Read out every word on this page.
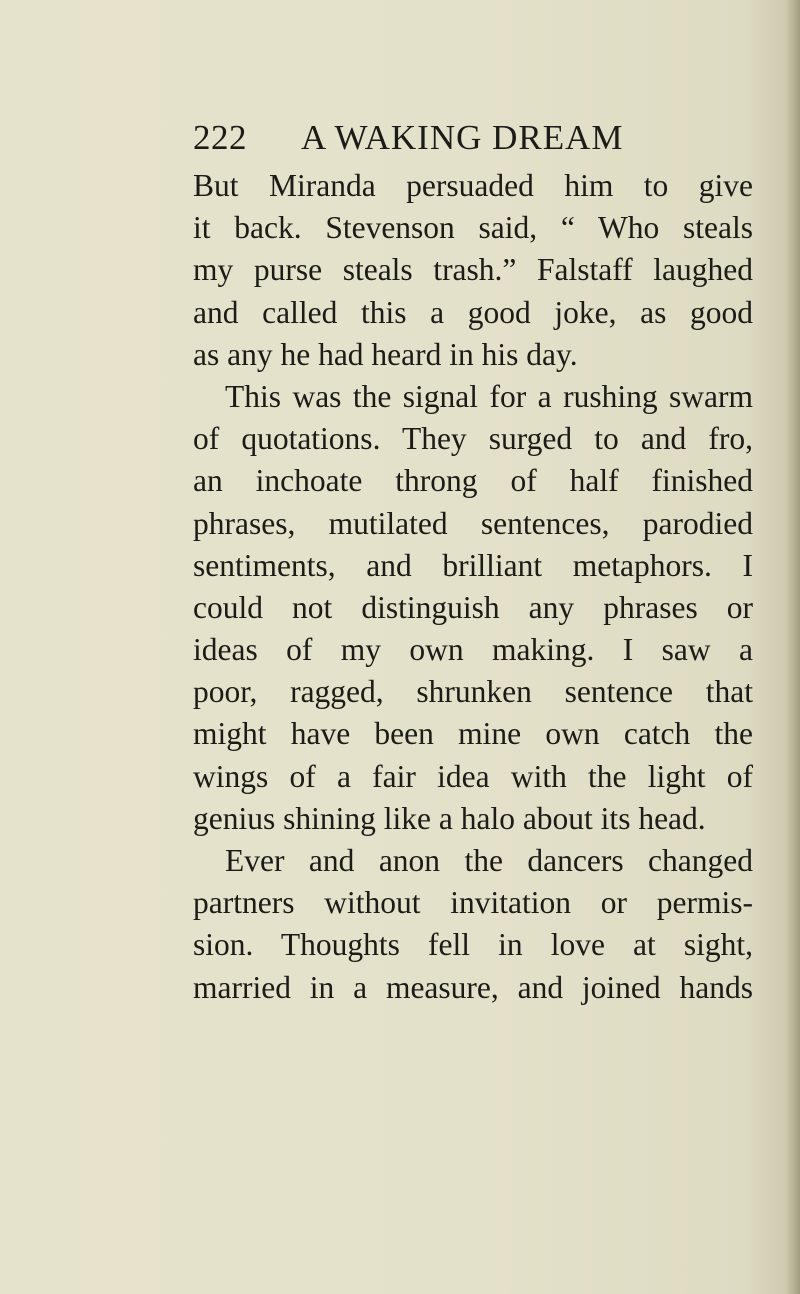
222 A WAKING DREAM
But Miranda persuaded him to give
it back. Stevenson said, “ Who steals
my purse steals trash.” Falstaff laughed
and called this a good joke, as good
as any he had heard in his day.
This was the signal for a rushing swarm
of quotations. They surged to and fro,
an inchoate throng of half finished
phrases, mutilated sentences, parodied
sentiments, and brilliant metaphors. I
could not distinguish any phrases or
ideas of my own making. I saw a
poor, ragged, shrunken sentence that
might have been mine own catch the
wings of a fair idea with the light of
genius shining like a halo about its head.
Ever and anon the dancers changed
partners without invitation or permis-
sion. Thoughts fell in love at sight,
married in a measure, and joined hands
